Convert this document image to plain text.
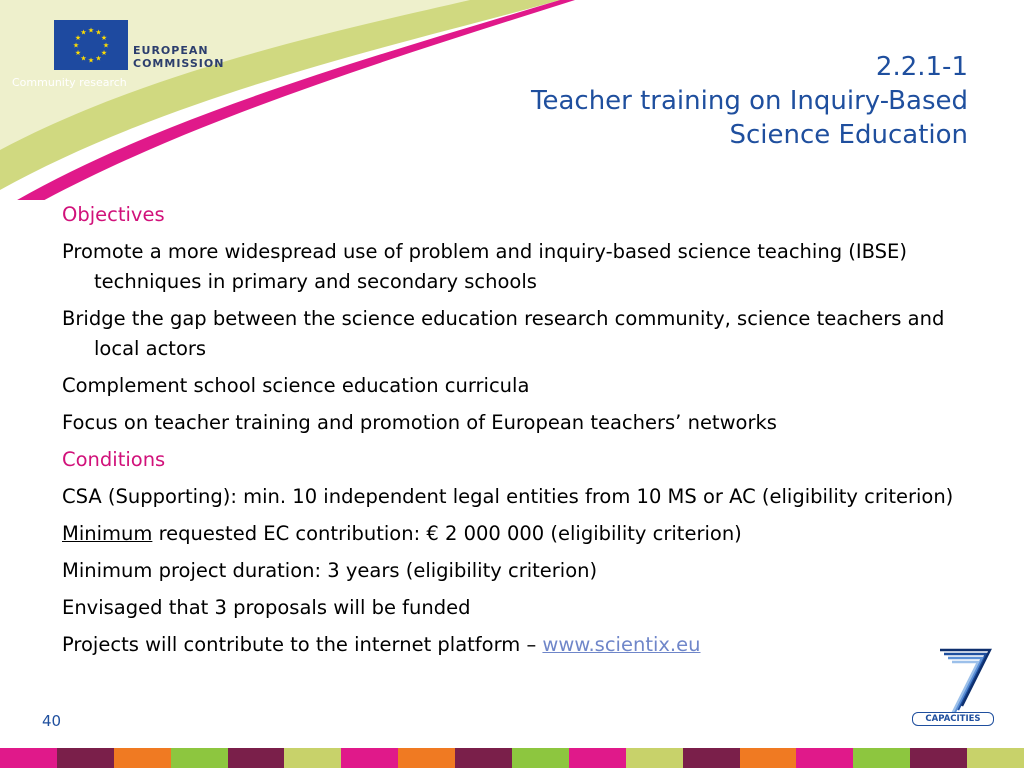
★
★
★
★
★
★
★
★
★ ★ ★
★
EUROPEAN
COMMISSION
Community research
2.2.1-1
Teacher training on Inquiry-Based
Science Education
Objectives
Promote a more widespread use of problem and inquiry-based science teaching (IBSE) techniques in primary and secondary schools
Bridge the gap between the science education research community, science teachers and local actors
Complement school science education curricula
Focus on teacher training and promotion of European teachers’ networks
Conditions
CSA (Supporting): min. 10 independent legal entities from 10 MS or AC (eligibility criterion)
Minimum requested EC contribution: € 2 000 000 (eligibility criterion)
Minimum project duration: 3 years (eligibility criterion)
Envisaged that 3 proposals will be funded
Projects will contribute to the internet platform – www.scientix.eu
40	CAPACITIES
